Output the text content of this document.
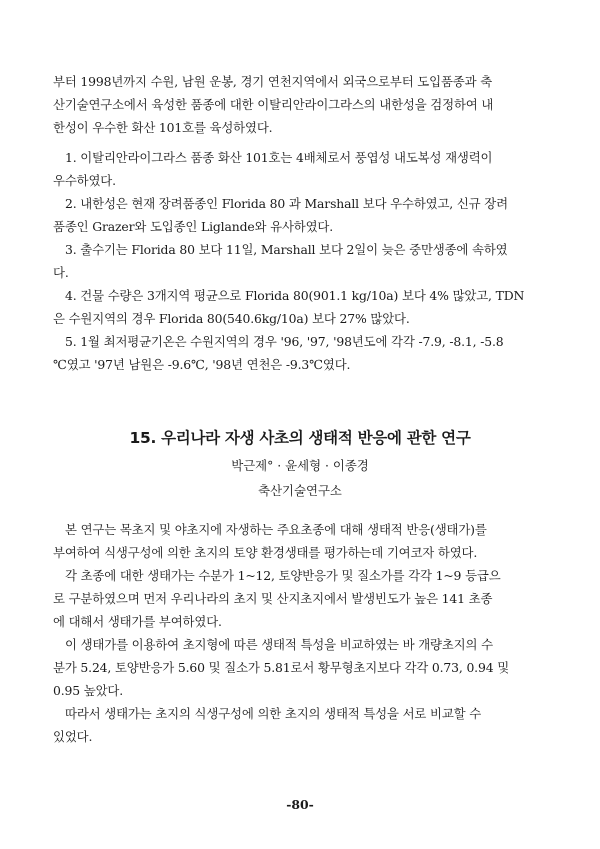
부터 1998년까지 수원, 남원 운봉, 경기 연천지역에서 외국으로부터 도입품종과 축

산기술연구소에서 육성한 품종에 대한 이탈리안라이그라스의 내한성을 검정하여 내

한성이 우수한 화산 101호를 육성하였다.

1. 이탈리안라이그라스 품종 화산 101호는 4배체로서 풍엽성 내도복성 재생력이

우수하였다.

2. 내한성은 현재 장려품종인 Florida 80 과 Marshall 보다 우수하였고, 신규 장려

품종인 Grazer와 도입종인 Liglande와 유사하였다.

3. 출수기는 Florida 80 보다 11일, Marshall 보다 2일이 늦은 중만생종에 속하였

다.

4. 건물 수량은 3개지역 평균으로 Florida 80(901.1 kg/10a) 보다 4% 많았고, TDN

은 수원지역의 경우 Florida 80(540.6kg/10a) 보다 27% 많았다.

5. 1월 최저평균기온은 수원지역의 경우 '96, '97, '98년도에 각각 -7.9, -8.1, -5.8

℃였고 '97년 남원은 -9.6℃, '98년 연천은 -9.3℃였다.

15. 우리나라 자생 사초의 생태적 반응에 관한 연구
박근제° · 윤세형 · 이종경
축산기술연구소

본 연구는 목초지 및 야초지에 자생하는 주요초종에 대해 생태적 반응(생태가)를

부여하여 식생구성에 의한 초지의 토양 환경생태를 평가하는데 기여코자 하였다.

각 초종에 대한 생태가는 수분가 1~12, 토양반응가 및 질소가를 각각 1~9 등급으

로 구분하였으며 먼저 우리나라의 초지 및 산지초지에서 발생빈도가 높은 141 초종

에 대해서 생태가를 부여하였다.

이 생태가를 이용하여 초지형에 따른 생태적 특성을 비교하였는 바 개량초지의 수

분가 5.24, 토양반응가 5.60 및 질소가 5.81로서 황무형초지보다 각각 0.73, 0.94 및

0.95 높았다.

따라서 생태가는 초지의 식생구성에 의한 초지의 생태적 특성을 서로 비교할 수

있었다.

-80-
